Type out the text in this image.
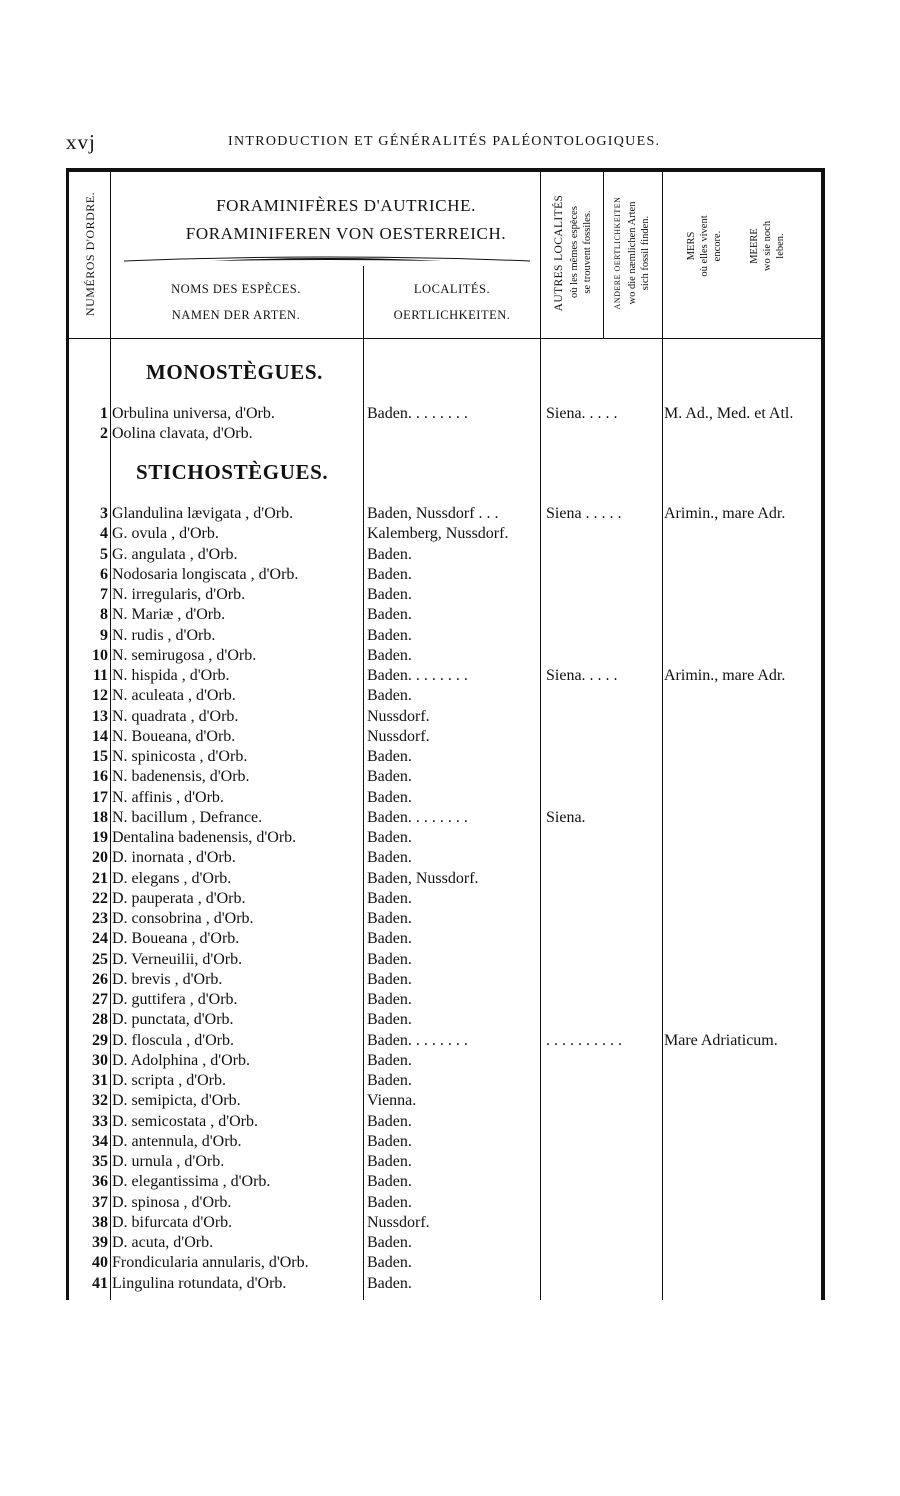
xvj	INTRODUCTION ET GÉNÉRALITÉS PALÉONTOLOGIQUES.
NUMÉROS D'ORDRE.	FORAMINIFÈRES D'AUTRICHE.
FORAMINIFEREN VON OESTERREICH.
NOMS DES ESPÈCES.
NAMEN DER ARTEN.
LOCALITÉS.
OERTLICHKEITEN.
AUTRES LOCALITÉS où les mêmes espèces se trouvent fossiles.	ANDERE OERTLICHKEITEN wo die næmlichen Arten sich fossil finden.	MERS où elles vivent encore. MEERE wo sie noch leben.
MONOSTÈGUES.
STICHOSTÈGUES.
1 Orbulina universa, d'Orb.	Baden. . . . . . . .	Siena. . . . .	M. Ad., Med. et Atl.
2 Oolina clavata, d'Orb.
3 Glandulina lævigata , d'Orb.	Baden, Nussdorf . . .	Siena . . . . .	Arimin., mare Adr.
4 G. ovula , d'Orb.	Kalemberg, Nussdorf.
5 G. angulata , d'Orb.	Baden.
6 Nodosaria longiscata , d'Orb.	Baden.
7 N. irregularis, d'Orb.	Baden.
8 N. Mariæ , d'Orb.	Baden.
9 N. rudis , d'Orb.	Baden.
10 N. semirugosa , d'Orb.	Baden.
11 N. hispida , d'Orb.	Baden. . . . . . . .	Siena. . . . .	Arimin., mare Adr.
12 N. aculeata , d'Orb.	Baden.
13 N. quadrata , d'Orb.	Nussdorf.
14 N. Boueana, d'Orb.	Nussdorf.
15 N. spinicosta , d'Orb.	Baden.
16 N. badenensis, d'Orb.	Baden.
17 N. affinis , d'Orb.	Baden.
18 N. bacillum , Defrance.	Baden. . . . . . . .	Siena.
19 Dentalina badenensis, d'Orb.	Baden.
20 D. inornata , d'Orb.	Baden.
21 D. elegans , d'Orb.	Baden, Nussdorf.
22 D. pauperata , d'Orb.	Baden.
23 D. consobrina , d'Orb.	Baden.
24 D. Boueana , d'Orb.	Baden.
25 D. Verneuilii, d'Orb.	Baden.
26 D. brevis , d'Orb.	Baden.
27 D. guttifera , d'Orb.	Baden.
28 D. punctata, d'Orb.	Baden.
29 D. floscula , d'Orb.	Baden. . . . . . . .	. . . . . . . . . .	Mare Adriaticum.
30 D. Adolphina , d'Orb.	Baden.
31 D. scripta , d'Orb.	Baden.
32 D. semipicta, d'Orb.	Vienna.
33 D. semicostata , d'Orb.	Baden.
34 D. antennula, d'Orb.	Baden.
35 D. urnula , d'Orb.	Baden.
36 D. elegantissima , d'Orb.	Baden.
37 D. spinosa , d'Orb.	Baden.
38 D. bifurcata d'Orb.	Nussdorf.
39 D. acuta, d'Orb.	Baden.
40 Frondicularia annularis, d'Orb.	Baden.
41 Lingulina rotundata, d'Orb.	Baden.
